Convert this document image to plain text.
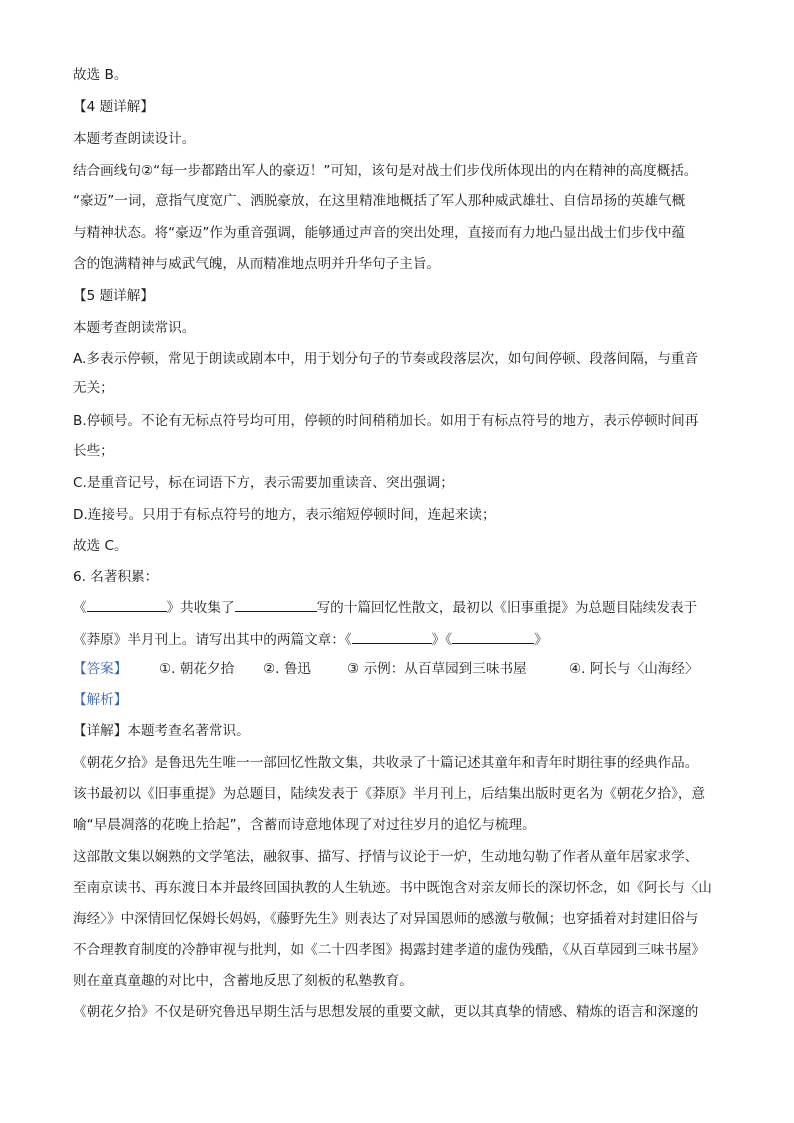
故选 B。
【4 题详解】
本题考查朗读设计。
结合画线句②“每一步都踏出军人的豪迈！”可知，该句是对战士们步伐所体现出的内在精神的高度概括。
“豪迈”一词，意指气度宽广、洒脱豪放，在这里精准地概括了军人那种威武雄壮、自信昂扬的英雄气概
与精神状态。将“豪迈”作为重音强调，能够通过声音的突出处理，直接而有力地凸显出战士们步伐中蕴
含的饱满精神与威武气魄，从而精准地点明并升华句子主旨。
【5 题详解】
本题考查朗读常识。
A.多表示停顿，常见于朗读或剧本中，用于划分句子的节奏或段落层次，如句间停顿、段落间隔，与重音
无关；
B.停顿号。不论有无标点符号均可用，停顿的时间稍稍加长。如用于有标点符号的地方，表示停顿时间再
长些；
C.是重音记号，标在词语下方，表示需要加重读音、突出强调；
D.连接号。只用于有标点符号的地方，表示缩短停顿时间，连起来读；
故选 C。
6. 名著积累：
《	》共收集了	写的十篇回忆性散文，最初以《旧事重提》为总题目陆续发表于
《莽原》半月刊上。请写出其中的两篇文章：《	》《	》
【答案】 ①. 朝花夕拾 ②. 鲁迅	③ 示例：从百草园到三味书屋	④. 阿长与〈山海经〉
【解析】
【详解】本题考查名著常识。
《朝花夕拾》是鲁迅先生唯一一部回忆性散文集，共收录了十篇记述其童年和青年时期往事的经典作品。
该书最初以《旧事重提》为总题目，陆续发表于《莽原》半月刊上，后结集出版时更名为《朝花夕拾》，意
喻“早晨凋落的花晚上拾起”，含蓄而诗意地体现了对过往岁月的追忆与梳理。
这部散文集以娴熟的文学笔法，融叙事、描写、抒情与议论于一炉，生动地勾勒了作者从童年居家求学、
至南京读书、再东渡日本并最终回国执教的人生轨迹。书中既饱含对亲友师长的深切怀念，如《阿长与〈山
海经〉》中深情回忆保姆长妈妈，《藤野先生》则表达了对异国恩师的感激与敬佩；也穿插着对封建旧俗与
不合理教育制度的冷静审视与批判，如《二十四孝图》揭露封建孝道的虚伪残酷，《从百草园到三味书屋》
则在童真童趣的对比中，含蓄地反思了刻板的私塾教育。
《朝花夕拾》不仅是研究鲁迅早期生活与思想发展的重要文献，更以其真挚的情感、精炼的语言和深邃的
